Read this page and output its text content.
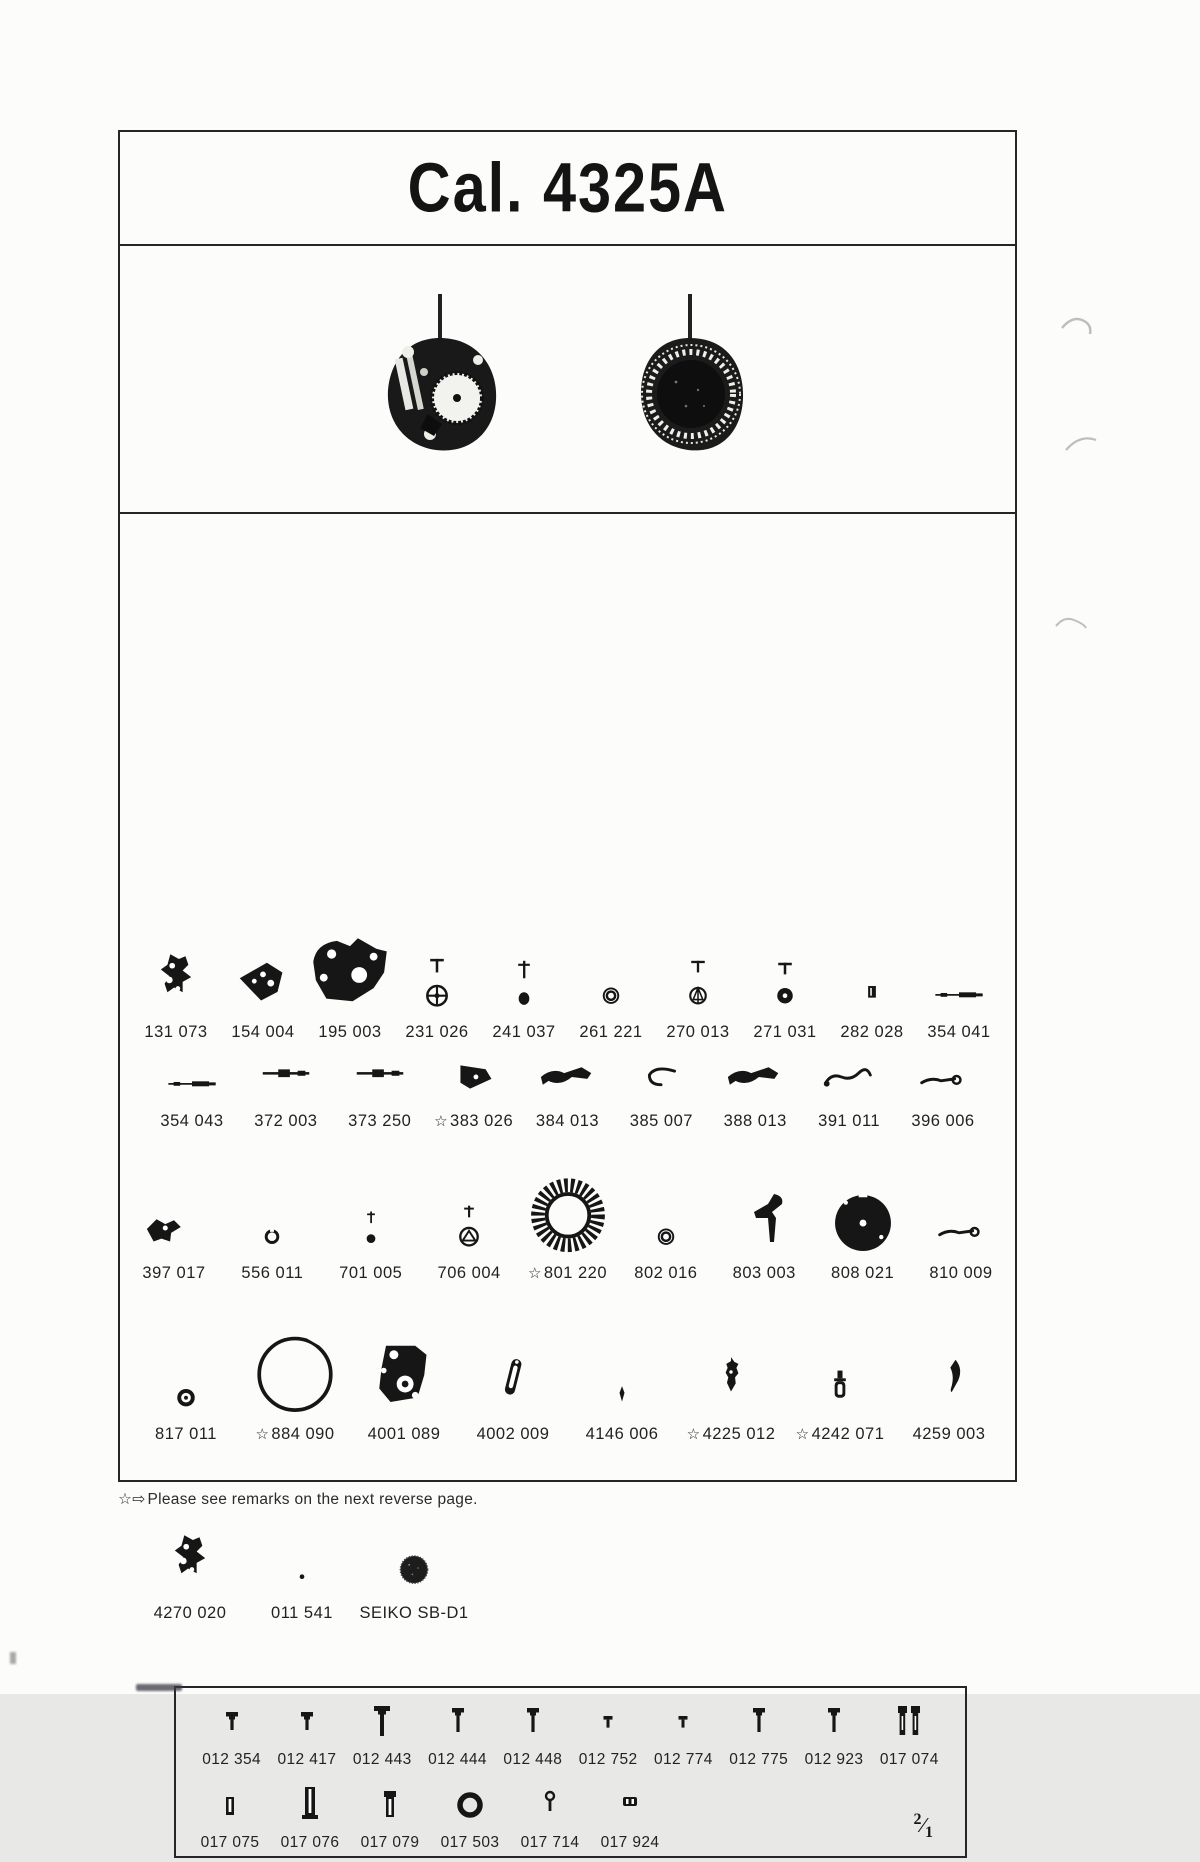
Cal. 4325A
131 073 154 004 195 003 231 026 241 037 261 221 270 013 271 031 282 028 354 041
354 043 372 003 373 250 ☆ 383 026 384 013 385 007 388 013 391 011 396 006
397 017 556 011 701 005 706 004 ☆ 801 220 802 016 803 003 808 021 810 009
817 011	☆ 884 090 4001 089 4002 009 4146 006 ☆ 4225 012 ☆ 4242 071 4259 003
4270 020	011 541 SEIKO SB-D1
012 354 012 417 012 443 012 444 012 448 012 752 012 774 012 775 012 923 017 074
017 075 017 076 017 079 017 503 017 714 017 924
$^2⁄_1$
☆⇨ Please see remarks on the next reverse page.
